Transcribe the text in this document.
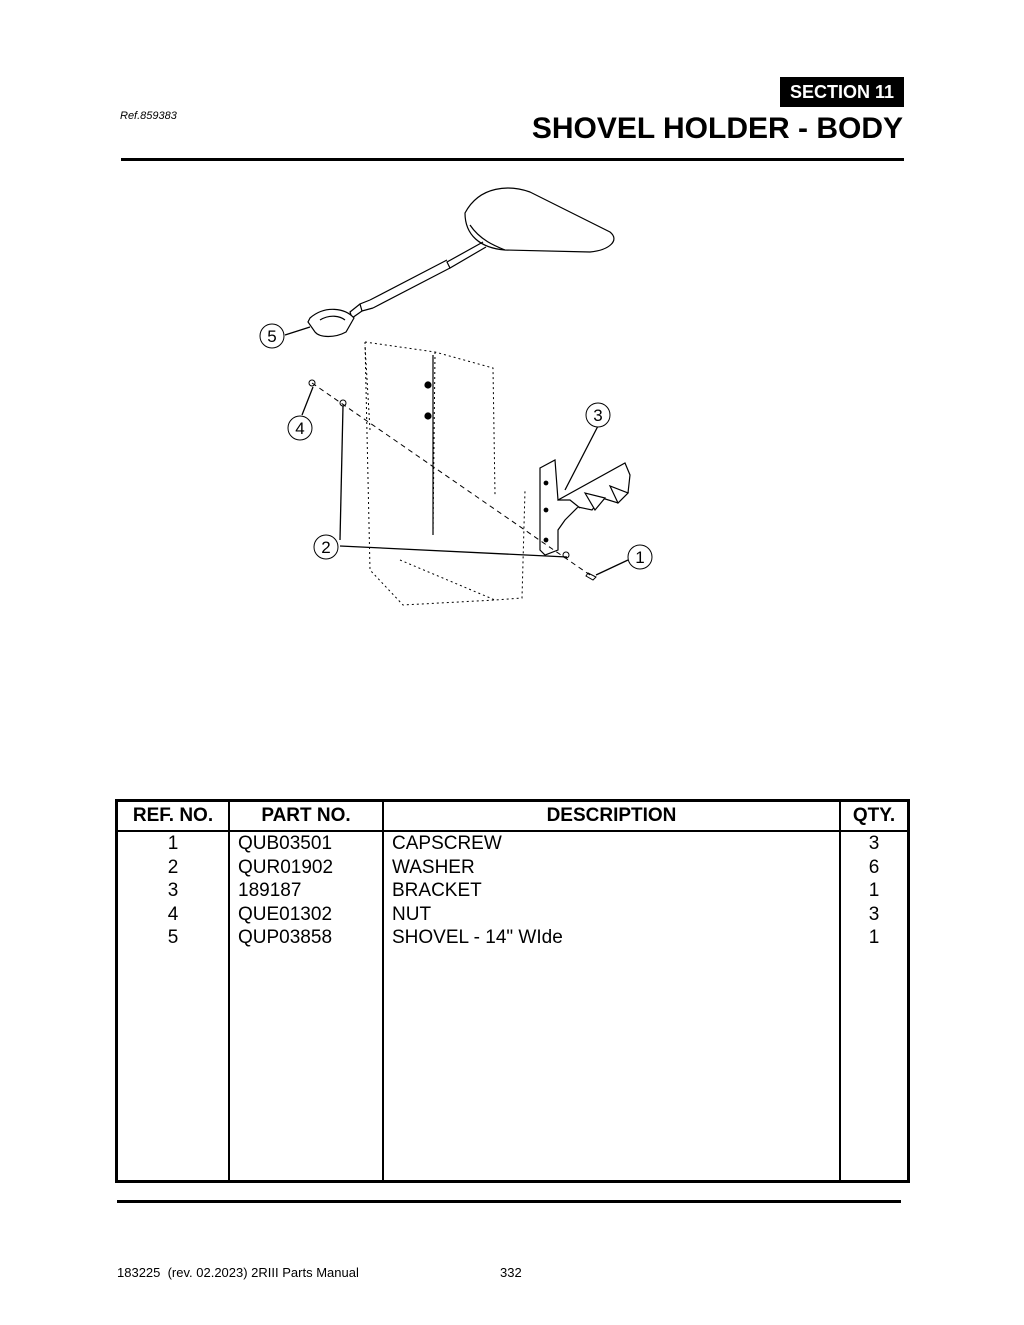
Ref.859383
SECTION 11
SHOVEL HOLDER - BODY
5
4
3
2
1
REF. NO.	PART NO.	DESCRIPTION	QTY.
1	QUB03501	CAPSCREW	3
2	QUR01902	WASHER	6
3	189187	BRACKET	1
4	QUE01302	NUT	3
5	QUP03858	SHOVEL - 14" WIde	1

183225  (rev. 02.2023) 2RIII Parts Manual	332
